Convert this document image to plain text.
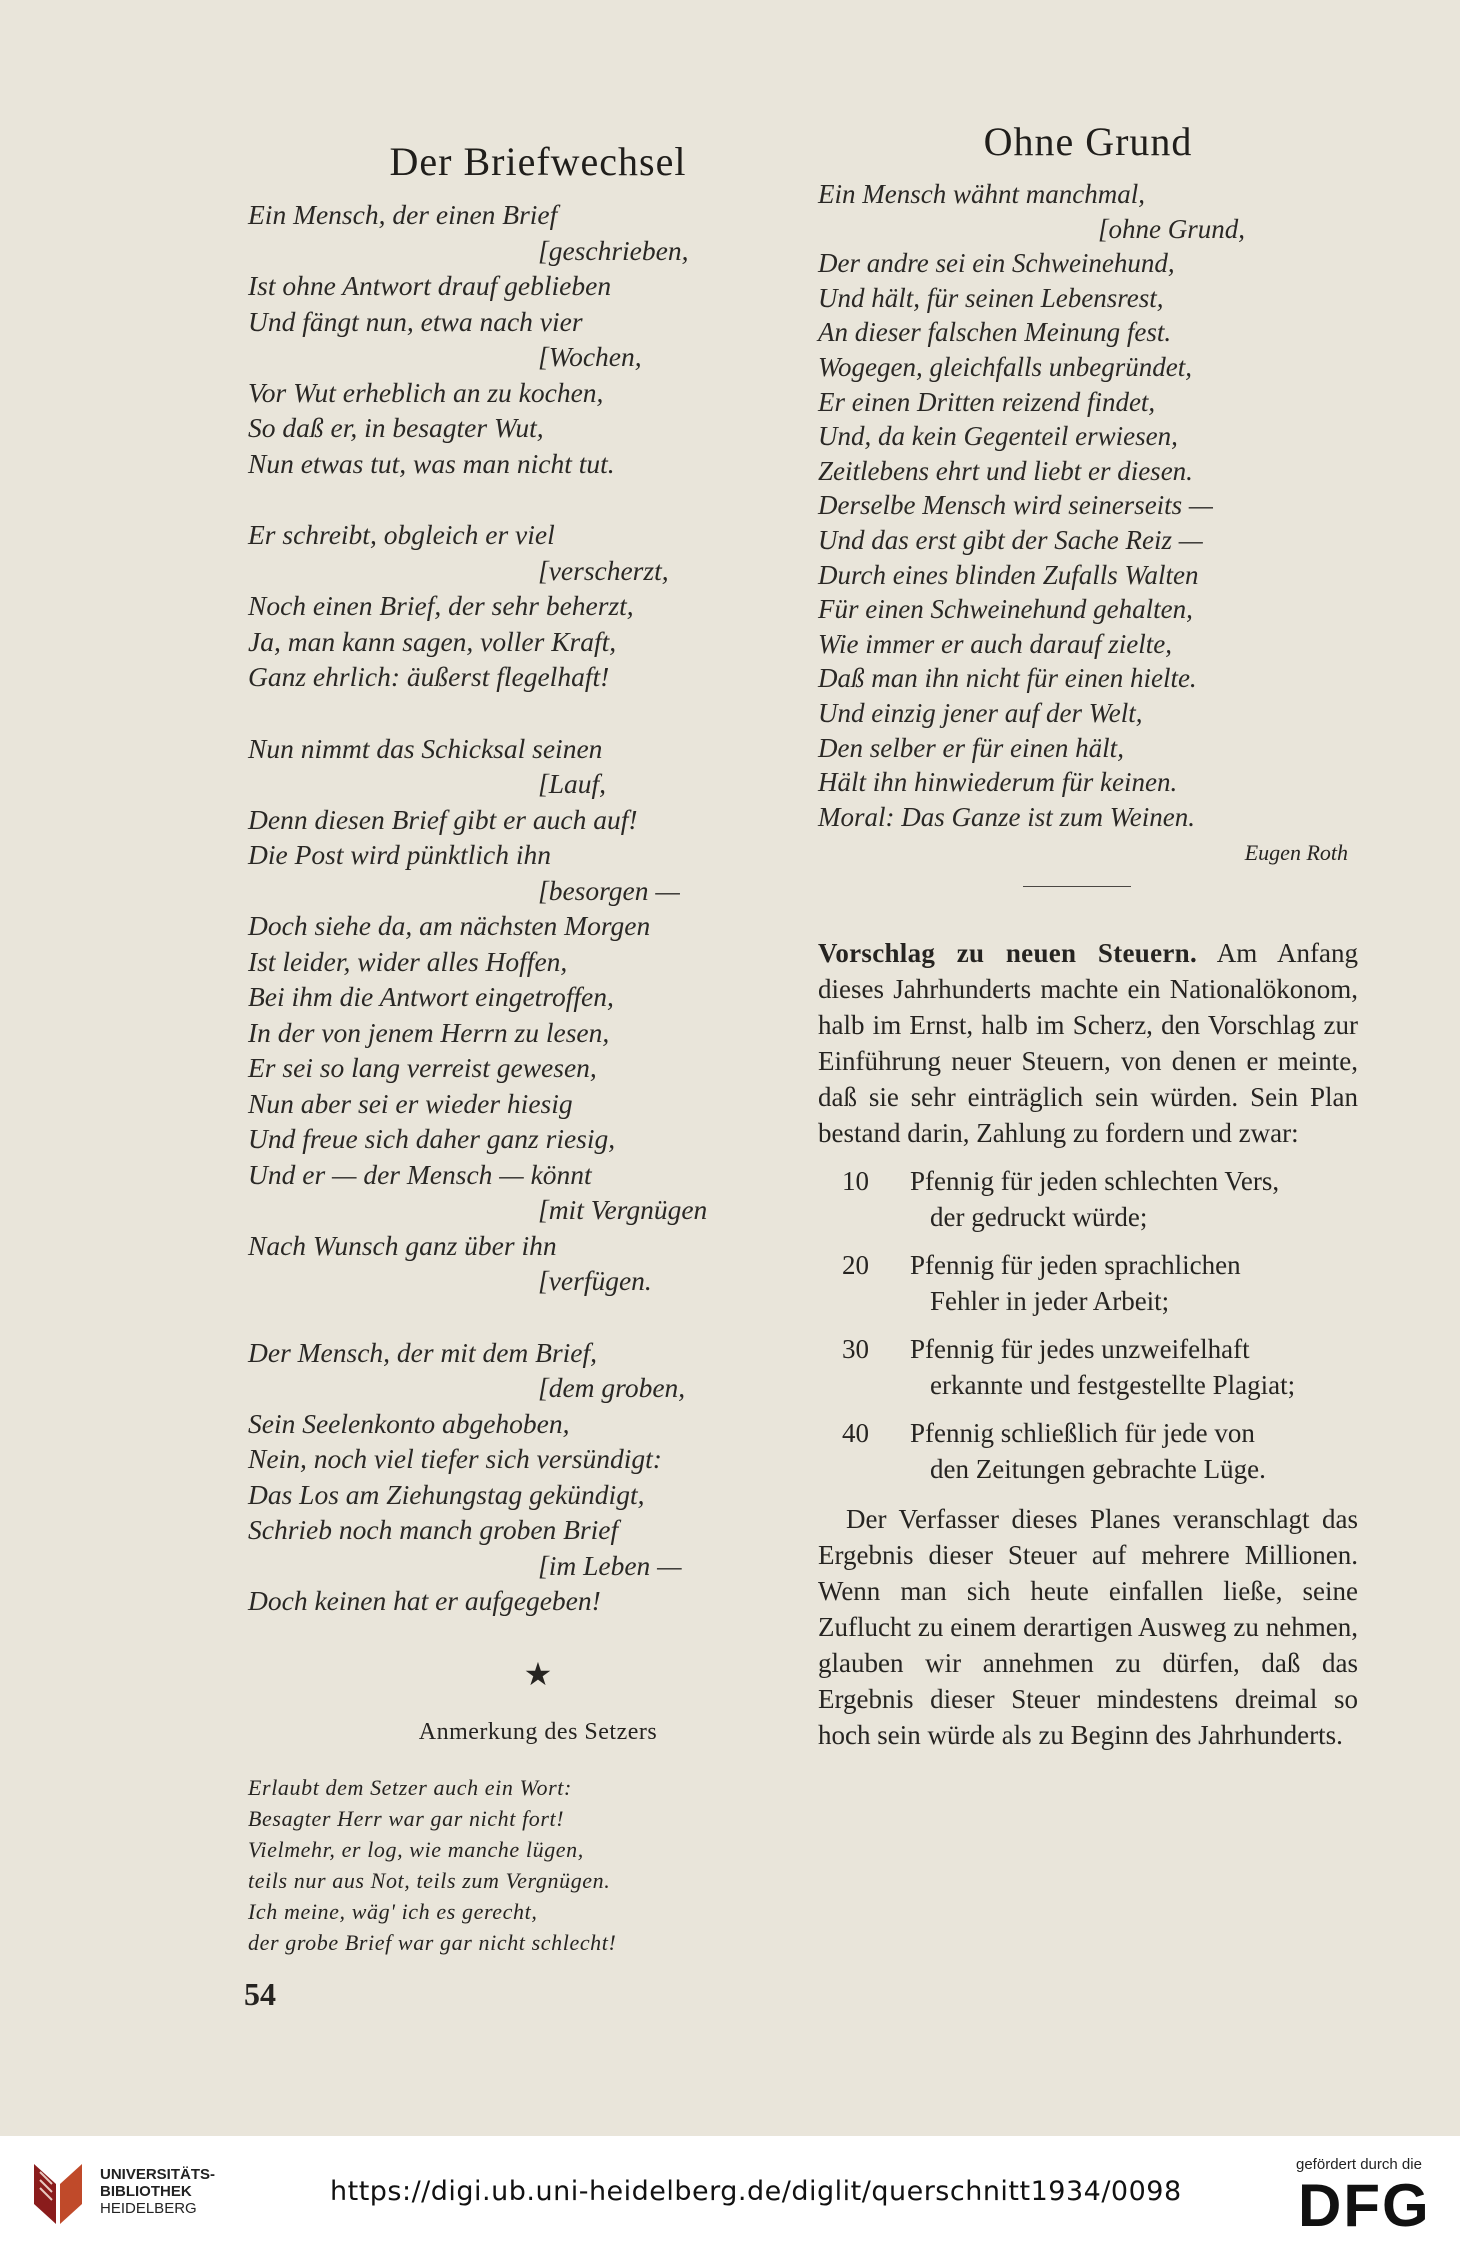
Der Briefwechsel
Ein Mensch, der einen Brief
[geschrieben,
Ist ohne Antwort drauf geblieben
Und fängt nun, etwa nach vier
[Wochen,
Vor Wut erheblich an zu kochen,
So daß er, in besagter Wut,
Nun etwas tut, was man nicht tut.
Er schreibt, obgleich er viel
[verscherzt,
Noch einen Brief, der sehr beherzt,
Ja, man kann sagen, voller Kraft,
Ganz ehrlich: äußerst flegelhaft!
Nun nimmt das Schicksal seinen
[Lauf,
Denn diesen Brief gibt er auch auf!
Die Post wird pünktlich ihn
[besorgen —
Doch siehe da, am nächsten Morgen
Ist leider, wider alles Hoffen,
Bei ihm die Antwort eingetroffen,
In der von jenem Herrn zu lesen,
Er sei so lang verreist gewesen,
Nun aber sei er wieder hiesig
Und freue sich daher ganz riesig,
Und er — der Mensch — könnt
[mit Vergnügen
Nach Wunsch ganz über ihn
[verfügen.
Der Mensch, der mit dem Brief,
[dem groben,
Sein Seelenkonto abgehoben,
Nein, noch viel tiefer sich versündigt:
Das Los am Ziehungstag gekündigt,
Schrieb noch manch groben Brief
[im Leben —
Doch keinen hat er aufgegeben!
★
Anmerkung des Setzers
Erlaubt dem Setzer auch ein Wort:
Besagter Herr war gar nicht fort!
Vielmehr, er log, wie manche lügen,
teils nur aus Not, teils zum Vergnügen.
Ich meine, wäg' ich es gerecht,
der grobe Brief war gar nicht schlecht!
Ohne Grund
Ein Mensch wähnt manchmal,
[ohne Grund,
Der andre sei ein Schweinehund,
Und hält, für seinen Lebensrest,
An dieser falschen Meinung fest.
Wogegen, gleichfalls unbegründet,
Er einen Dritten reizend findet,
Und, da kein Gegenteil erwiesen,
Zeitlebens ehrt und liebt er diesen.
Derselbe Mensch wird seinerseits —
Und das erst gibt der Sache Reiz —
Durch eines blinden Zufalls Walten
Für einen Schweinehund gehalten,
Wie immer er auch darauf zielte,
Daß man ihn nicht für einen hielte.
Und einzig jener auf der Welt,
Den selber er für einen hält,
Hält ihn hinwiederum für keinen.
Moral: Das Ganze ist zum Weinen.
Eugen Roth

Vorschlag zu neuen Steuern. Am Anfang dieses Jahrhunderts machte ein Nationalökonom, halb im Ernst, halb im Scherz, den Vorschlag zur Einführung neuer Steuern, von denen er meinte, daß sie sehr einträglich sein würden. Sein Plan bestand darin, Zahlung zu fordern und zwar:

10	Pfennig für jeden schlechten Vers,
der gedruckt würde;
20	Pfennig für jeden sprachlichen
Fehler in jeder Arbeit;
30	Pfennig für jedes unzweifelhaft
erkannte und festgestellte Plagiat;
40	Pfennig schließlich für jede von
den Zeitungen gebrachte Lüge.

Der Verfasser dieses Planes veranschlagt das Ergebnis dieser Steuer auf mehrere Millionen. Wenn man sich heute einfallen ließe, seine Zuflucht zu einem derartigen Ausweg zu nehmen, glauben wir annehmen zu dürfen, daß das Ergebnis dieser Steuer mindestens dreimal so hoch sein würde als zu Beginn des Jahrhunderts.

54
UNIVERSITÄTS-
BIBLIOTHEK
HEIDELBERG
https://digi.ub.uni-heidelberg.de/diglit/querschnitt1934/0098
gefördert durch die
DFG
